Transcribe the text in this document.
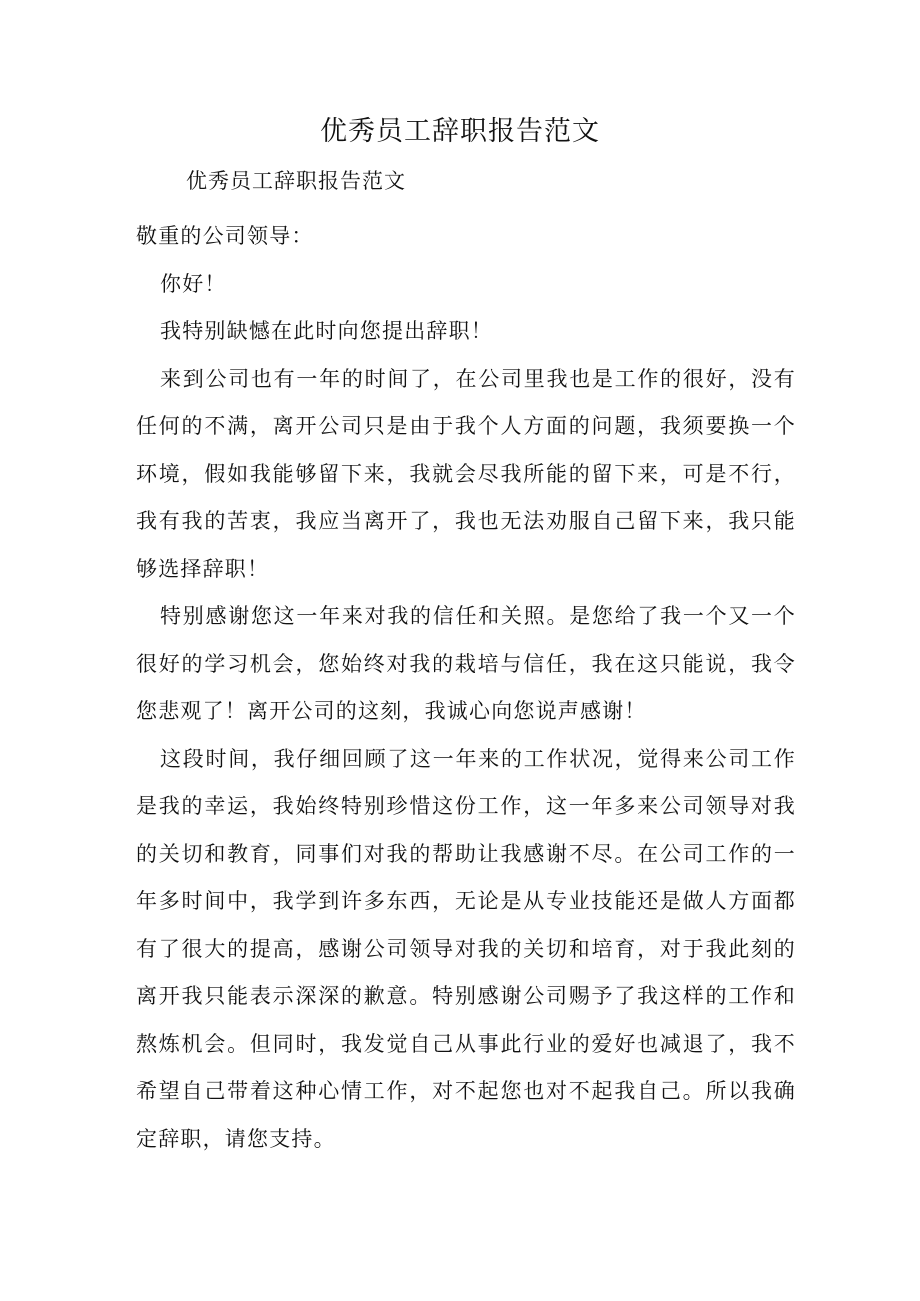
优秀员工辞职报告范文
优秀员工辞职报告范文

敬重的公司领导：

你好！

我特别缺憾在此时向您提出辞职！

来到公司也有一年的时间了，在公司里我也是工作的很好，没有任何的不满，离开公司只是由于我个人方面的问题，我须要换一个环境，假如我能够留下来，我就会尽我所能的留下来，可是不行，我有我的苦衷，我应当离开了，我也无法劝服自己留下来，我只能够选择辞职！

特别感谢您这一年来对我的信任和关照。是您给了我一个又一个很好的学习机会，您始终对我的栽培与信任，我在这只能说，我令您悲观了！离开公司的这刻，我诚心向您说声感谢！

这段时间，我仔细回顾了这一年来的工作状况，觉得来公司工作是我的幸运，我始终特别珍惜这份工作，这一年多来公司领导对我的关切和教育，同事们对我的帮助让我感谢不尽。在公司工作的一年多时间中，我学到许多东西，无论是从专业技能还是做人方面都有了很大的提高，感谢公司领导对我的关切和培育，对于我此刻的离开我只能表示深深的歉意。特别感谢公司赐予了我这样的工作和熬炼机会。但同时，我发觉自己从事此行业的爱好也减退了，我不希望自己带着这种心情工作，对不起您也对不起我自己。所以我确定辞职，请您支持。
